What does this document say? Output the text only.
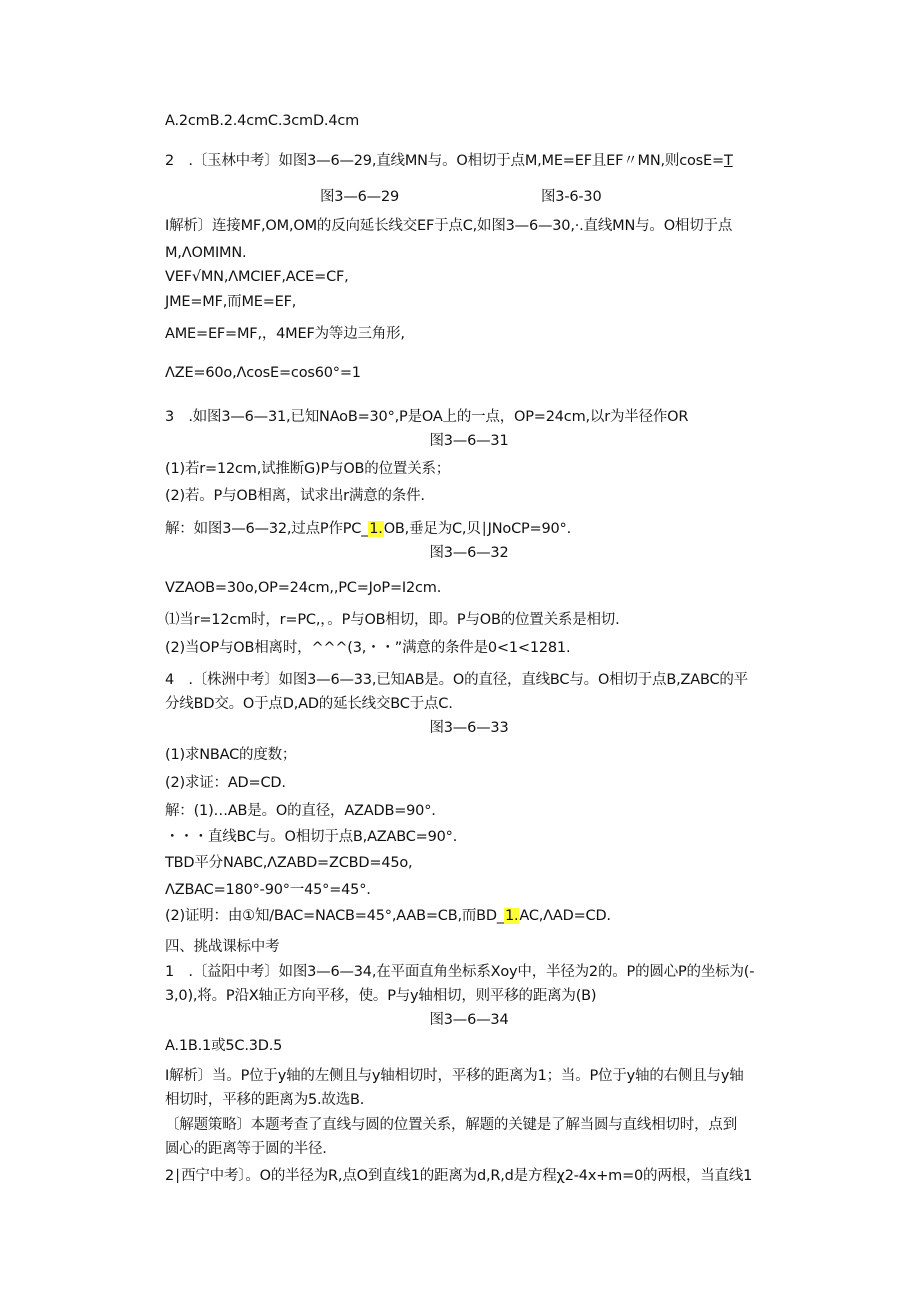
A.2cmB.2.4cmC.3cmD.4cm
2　.〔玉林中考〕如图3—6—29,直线MN与。O相切于点M,ME=EF且EF〃MN,则cosE=T
图3—6—29	图3-6-30
I解析〕连接MF,OM,OM的反向延长线交EF于点C,如图3—6—30,·.直线MN与。O相切于点
M,ΛOMIMN.
VEF√MN,ΛMCIEF,ACE=CF,
JME=MF,而ME=EF,
AME=EF=MF,，4MEF为等边三角形,
ΛZE=60o,ΛcosE=cos60°=1
3　.如图3—6—31,已知NAoB=30°,P是OA上的一点，OP=24cm,以r为半径作OR
图3—6—31
(1)若r=12cm,试推断G)P与OB的位置关系；
(2)若。P与OB相离，试求出r满意的条件.
解：如图3—6—32,过点P作PC_1.OB,垂足为C,贝∣JNoCP=90°.
图3—6—32
VZAOB=30o,OP=24cm,,PC=JoP=I2cm.
⑴当r=12cm时，r=PC,，。P与OB相切，即。P与OB的位置关系是相切.
(2)当OP与OB相离时，^^^(3,・・”满意的条件是0<1<1281.
4　.〔株洲中考〕如图3—6—33,已知AB是。O的直径，直线BC与。O相切于点B,ZABC的平
分线BD交。O于点D,AD的延长线交BC于点C.
图3—6—33
(1)求NBAC的度数；
(2)求证：AD=CD.
解：(1)…AB是。O的直径，AZADB=90°.
・・・直线BC与。O相切于点B,AZABC=90°.
TBD平分NABC,ΛZABD=ZCBD=45o,
ΛZBAC=180°-90°一45°=45°.
(2)证明：由①知/BAC=NACB=45°,AAB=CB,而BD_1.AC,ΛAD=CD.
四、挑战课标中考
1　.〔益阳中考〕如图3—6—34,在平面直角坐标系Xoy中，半径为2的。P的圆心P的坐标为(-
3,0),将。P沿X轴正方向平移，使。P与y轴相切，则平移的距离为(B)
图3—6—34
A.1B.1或5C.3D.5
I解析〕当。P位于y轴的左侧且与y轴相切时，平移的距离为1；当。P位于y轴的右侧且与y轴
相切时，平移的距离为5.故选B.
〔解题策略〕本题考查了直线与圆的位置关系，解题的关键是了解当圆与直线相切时，点到
圆心的距离等于圆的半径.
2∣西宁中考〕。O的半径为R,点O到直线1的距离为d,R,d是方程χ2-4x+m=0的两根，当直线1
